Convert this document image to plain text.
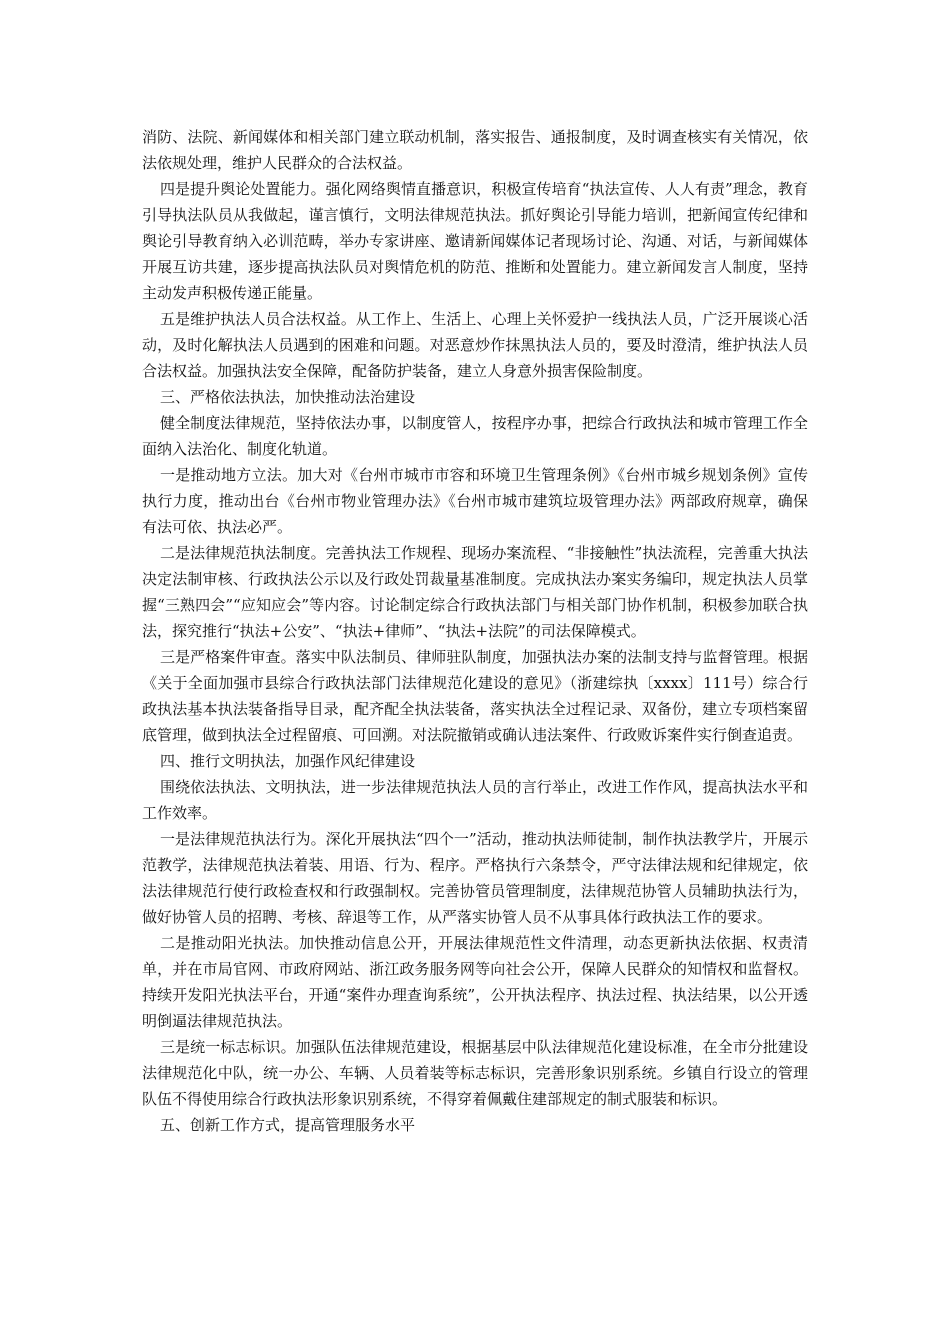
消防、法院、新闻媒体和相关部门建立联动机制，落实报告、通报制度，及时调查核实有关情况，依法依规处理，维护人民群众的合法权益。

四是提升舆论处置能力。强化网络舆情直播意识，积极宣传培育“执法宣传、人人有责”理念，教育引导执法队员从我做起，谨言慎行，文明法律规范执法。抓好舆论引导能力培训，把新闻宣传纪律和舆论引导教育纳入必训范畴，举办专家讲座、邀请新闻媒体记者现场讨论、沟通、对话，与新闻媒体开展互访共建，逐步提高执法队员对舆情危机的防范、推断和处置能力。建立新闻发言人制度，坚持主动发声积极传递正能量。

五是维护执法人员合法权益。从工作上、生活上、心理上关怀爱护一线执法人员，广泛开展谈心活动，及时化解执法人员遇到的困难和问题。对恶意炒作抹黑执法人员的，要及时澄清，维护执法人员合法权益。加强执法安全保障，配备防护装备，建立人身意外损害保险制度。

三、严格依法执法，加快推动法治建设

健全制度法律规范，坚持依法办事，以制度管人，按程序办事，把综合行政执法和城市管理工作全面纳入法治化、制度化轨道。

一是推动地方立法。加大对《台州市城市市容和环境卫生管理条例》《台州市城乡规划条例》宣传执行力度，推动出台《台州市物业管理办法》《台州市城市建筑垃圾管理办法》两部政府规章，确保有法可依、执法必严。

二是法律规范执法制度。完善执法工作规程、现场办案流程、“非接触性”执法流程，完善重大执法决定法制审核、行政执法公示以及行政处罚裁量基准制度。完成执法办案实务编印，规定执法人员掌握“三熟四会”“应知应会”等内容。讨论制定综合行政执法部门与相关部门协作机制，积极参加联合执法，探究推行“执法+公安”、“执法+律师”、“执法+法院”的司法保障模式。

三是严格案件审查。落实中队法制员、律师驻队制度，加强执法办案的法制支持与监督管理。根据《关于全面加强市县综合行政执法部门法律规范化建设的意见》（浙建综执〔xxxx〕111号）综合行政执法基本执法装备指导目录，配齐配全执法装备，落实执法全过程记录、双备份，建立专项档案留底管理，做到执法全过程留痕、可回溯。对法院撤销或确认违法案件、行政败诉案件实行倒查追责。

四、推行文明执法，加强作风纪律建设

围绕依法执法、文明执法，进一步法律规范执法人员的言行举止，改进工作作风，提高执法水平和工作效率。

一是法律规范执法行为。深化开展执法“四个一”活动，推动执法师徒制，制作执法教学片，开展示范教学，法律规范执法着装、用语、行为、程序。严格执行六条禁令，严守法律法规和纪律规定，依法法律规范行使行政检查权和行政强制权。完善协管员管理制度，法律规范协管人员辅助执法行为，做好协管人员的招聘、考核、辞退等工作，从严落实协管人员不从事具体行政执法工作的要求。

二是推动阳光执法。加快推动信息公开，开展法律规范性文件清理，动态更新执法依据、权责清单，并在市局官网、市政府网站、浙江政务服务网等向社会公开，保障人民群众的知情权和监督权。持续开发阳光执法平台，开通“案件办理查询系统”，公开执法程序、执法过程、执法结果，以公开透明倒逼法律规范执法。

三是统一标志标识。加强队伍法律规范建设，根据基层中队法律规范化建设标准，在全市分批建设法律规范化中队，统一办公、车辆、人员着装等标志标识，完善形象识别系统。乡镇自行设立的管理队伍不得使用综合行政执法形象识别系统，不得穿着佩戴住建部规定的制式服装和标识。

五、创新工作方式，提高管理服务水平
